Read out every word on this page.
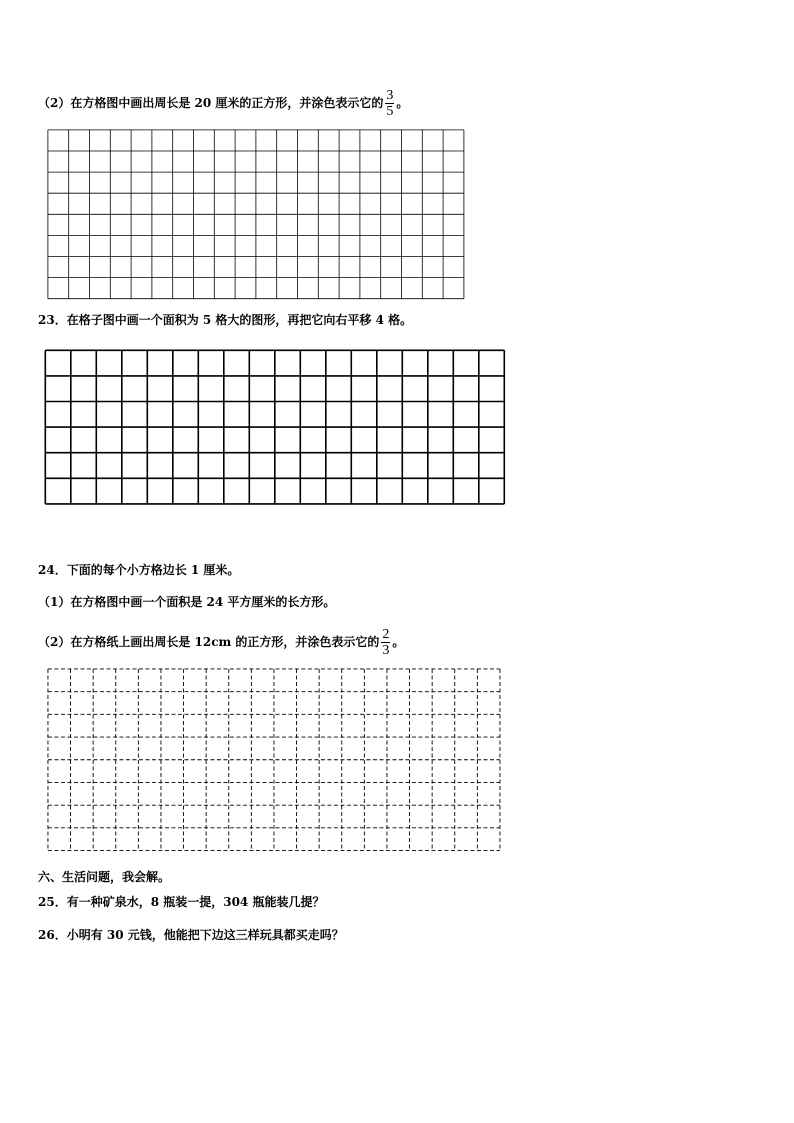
（2）在方格图中画出周长是 20 厘米的正方形，并涂色表示它的 $\frac{3}{5}$ 。
23．在格子图中画一个面积为 5 格大的图形，再把它向右平移 4 格。
24．下面的每个小方格边长 1 厘米。
（1）在方格图中画一个面积是 24 平方厘米的长方形。
（2）在方格纸上画出周长是 12cm 的正方形，并涂色表示它的 $\frac{2}{3}$ 。
六、生活问题，我会解。
25．有一种矿泉水，8 瓶装一提，304 瓶能装几提？
26．小明有 30 元钱，他能把下边这三样玩具都买走吗？
